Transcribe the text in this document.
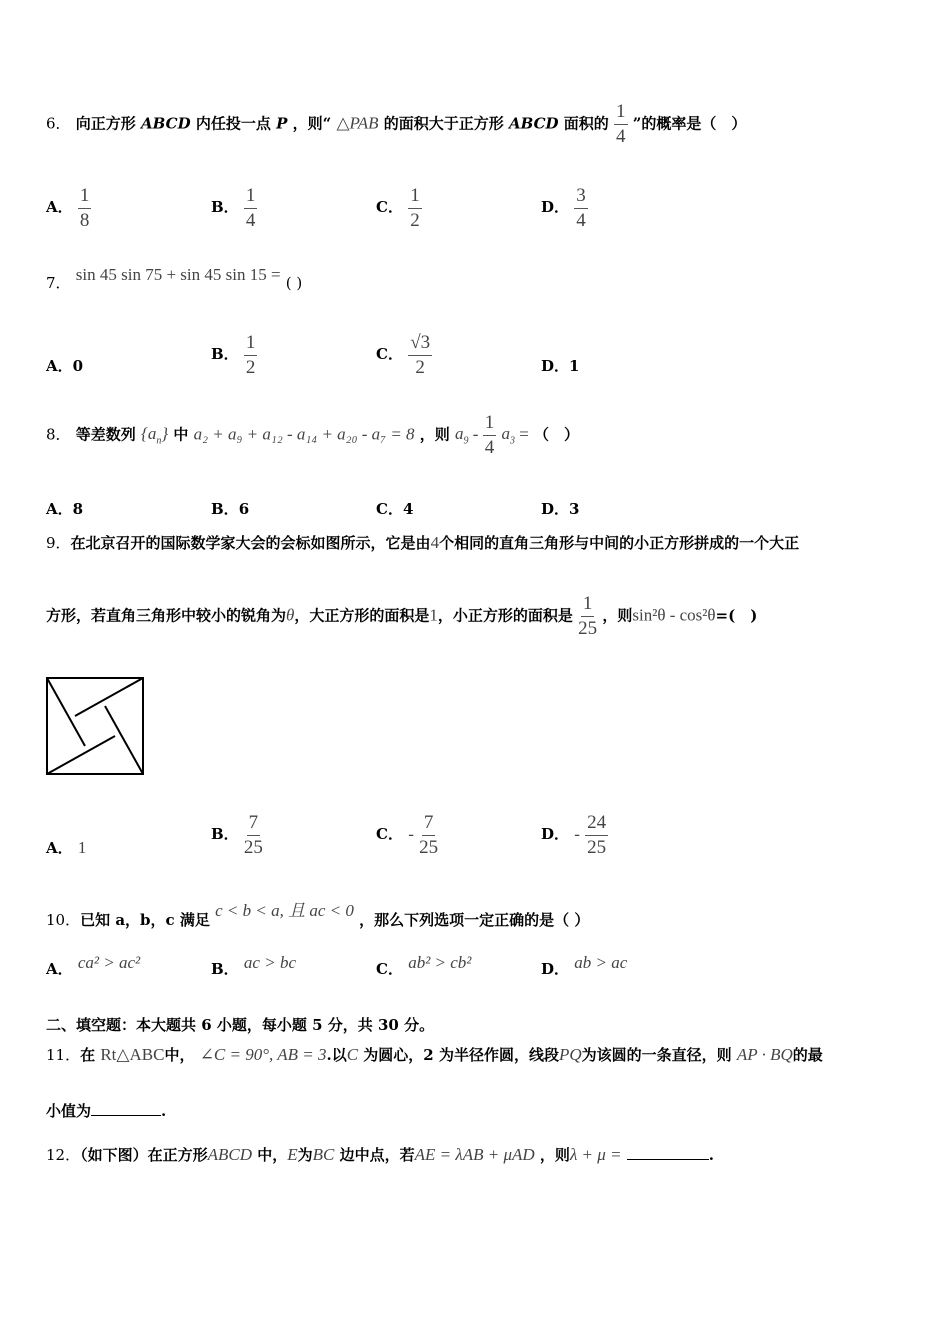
6． 向正方形 ABCD 内任投一点 P ，则“ △PAB 的面积大于正方形 ABCD 面积的 $\frac{1}{4}$ ”的概率是（　）
A． $\frac{1}{8}$	B． $\frac{1}{4}$	C． $\frac{1}{2}$	D． $\frac{3}{4}$
7． sin 45 sin 75 + sin 45 sin 15 = ( )
A．0
B． $\frac{1}{2}$	C． $\frac{√3}{2}$	D．1
8． 等差数列 $\{a_n\}$ 中 a₂ + a₉ + a₁₂ - a₁₄ + a₂₀ - a₇ = 8 ，则 $a_9 - \frac{1}{4} a_3$ = （　）
A．8	B．6	C．4	D．3
9．在北京召开的国际数学家大会的会标如图所示，它是由4个相同的直角三角形与中间的小正方形拼成的一个大正
方形，若直角三角形中较小的锐角为θ，大正方形的面积是1，小正方形的面积是 $\frac{1}{25}$ ，则sin²θ - cos²θ=(　)
A． 1
B． $\frac{7}{25}$	C． - $\frac{7}{25}$	D． - $\frac{24}{25}$
10．已知 a，b，c 满足 c < b < a, 且 ac < 0 ，那么下列选项一定正确的是（ ）
A． ca² > ac²	B． ac > bc	C． ab² > cb²	D． ab > ac
二、填空题：本大题共 6 小题，每小题 5 分，共 30 分。
11．在 Rt△ABC中， ∠C = 90°, AB = 3.以C 为圆心，2 为半径作圆，线段PQ为该圆的一条直径，则 AP · BQ的最
小值为	.
12．（如下图）在正方形ABCD 中，E为BC 边中点，若AE = λAB + μAD ，则λ + μ =	.
